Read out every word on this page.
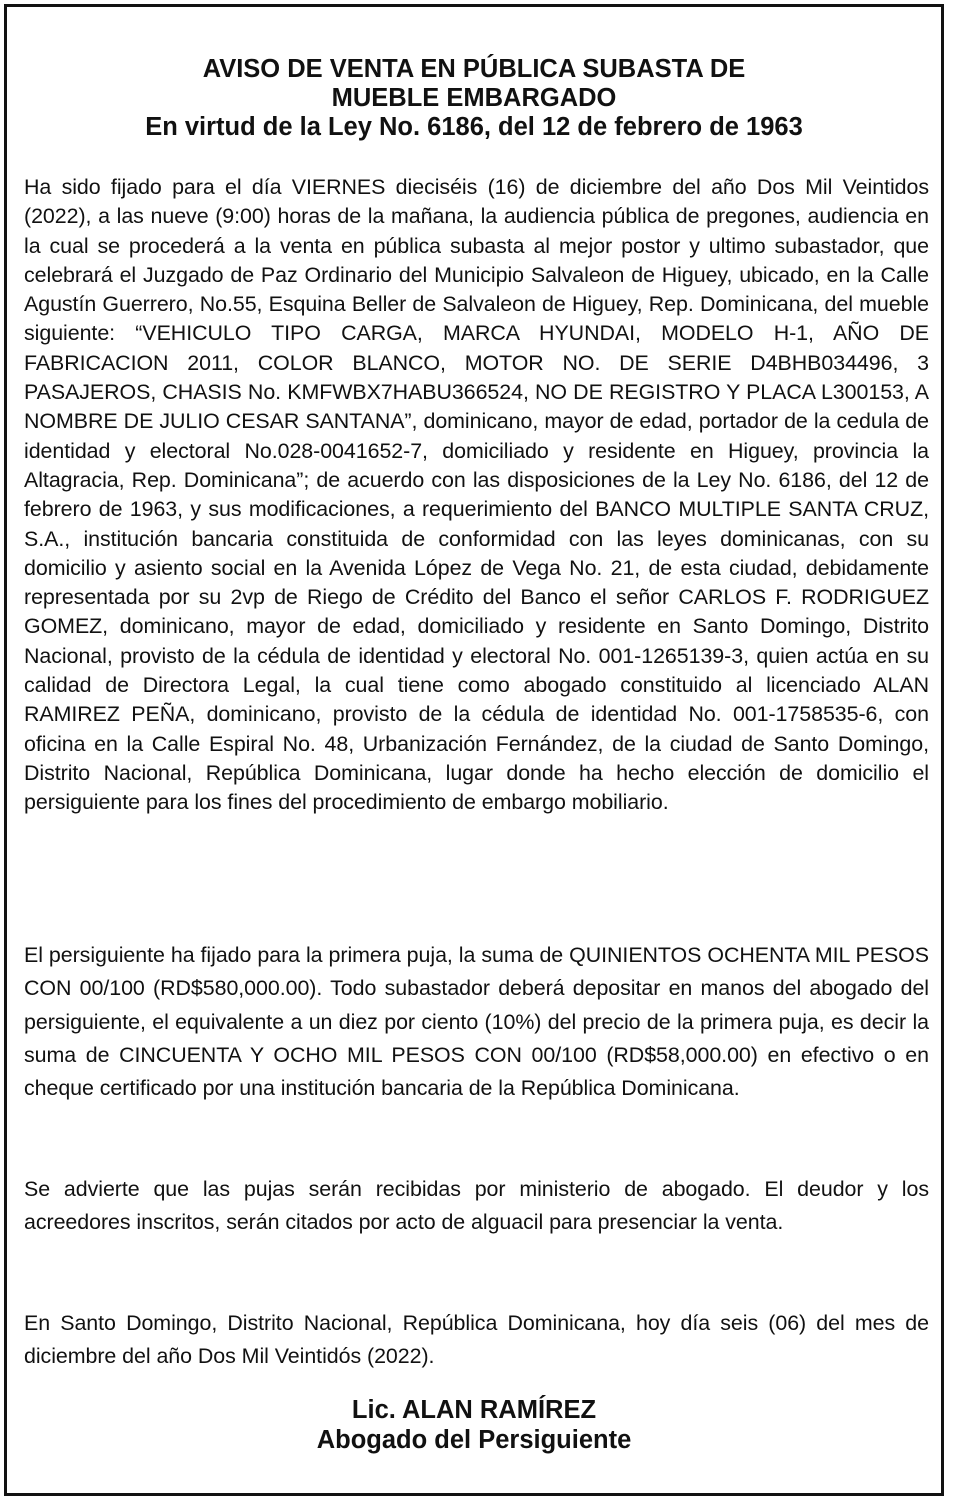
AVISO DE VENTA EN PÚBLICA SUBASTA DE
MUEBLE EMBARGADO
En virtud de la Ley No. 6186, del 12 de febrero de 1963

Ha sido fijado para el día VIERNES dieciséis (16) de diciembre del año Dos Mil Veintidos (2022), a las nueve (9:00) horas de la mañana, la audiencia pública de pregones, audiencia en la cual se procederá a la venta en pública subasta al mejor postor y ultimo subastador, que celebrará el Juzgado de Paz Ordinario del Municipio Salvaleon de Higuey, ubicado, en la Calle Agustín Guerrero, No.55, Esquina Beller de Salvaleon de Higuey, Rep. Dominicana, del mueble siguiente: “VEHICULO TIPO CARGA, MARCA HYUNDAI, MODELO H-1, AÑO DE FABRICACION 2011, COLOR BLANCO, MOTOR NO. DE SERIE D4BHB034496, 3 PASAJEROS, CHASIS No. KMFWBX7HABU366524, NO DE REGISTRO Y PLACA L300153, A NOMBRE DE JULIO CESAR SANTANA”, dominicano, mayor de edad, portador de la cedula de identidad y electoral No.028-0041652-7, domiciliado y residente en Higuey, provincia la Altagracia, Rep. Dominicana”; de acuerdo con las disposiciones de la Ley No. 6186, del 12 de febrero de 1963, y sus modificaciones, a requerimiento del BANCO MULTIPLE SANTA CRUZ, S.A., institución bancaria constituida de conformidad con las leyes dominicanas, con su domicilio y asiento social en la Avenida López de Vega No. 21, de esta ciudad, debidamente representada por su 2vp de Riego de Crédito del Banco el señor CARLOS F. RODRIGUEZ GOMEZ, dominicano, mayor de edad, domiciliado y residente en Santo Domingo, Distrito Nacional, provisto de la cédula de identidad y electoral No. 001-1265139-3, quien actúa en su calidad de Directora Legal, la cual tiene como abogado constituido al licenciado ALAN RAMIREZ PEÑA, dominicano, provisto de la cédula de identidad No. 001-1758535-6, con oficina en la Calle Espiral No. 48, Urbanización Fernández, de la ciudad de Santo Domingo, Distrito Nacional, República Dominicana, lugar donde ha hecho elección de domicilio el persiguiente para los fines del procedimiento de embargo mobiliario.

El persiguiente ha fijado para la primera puja, la suma de QUINIENTOS OCHENTA MIL PESOS CON 00/100 (RD$580,000.00). Todo subastador deberá depositar en manos del abogado del persiguiente, el equivalente a un diez por ciento (10%) del precio de la primera puja, es decir la suma de CINCUENTA Y OCHO MIL PESOS CON 00/100 (RD$58,000.00) en efectivo o en cheque certificado por una institución bancaria de la República Dominicana.

Se advierte que las pujas serán recibidas por ministerio de abogado. El deudor y los acreedores inscritos, serán citados por acto de alguacil para presenciar la venta.

En Santo Domingo, Distrito Nacional, República Dominicana, hoy día seis (06) del mes de diciembre del año Dos Mil Veintidós (2022).

Lic. ALAN RAMÍREZ
Abogado del Persiguiente
